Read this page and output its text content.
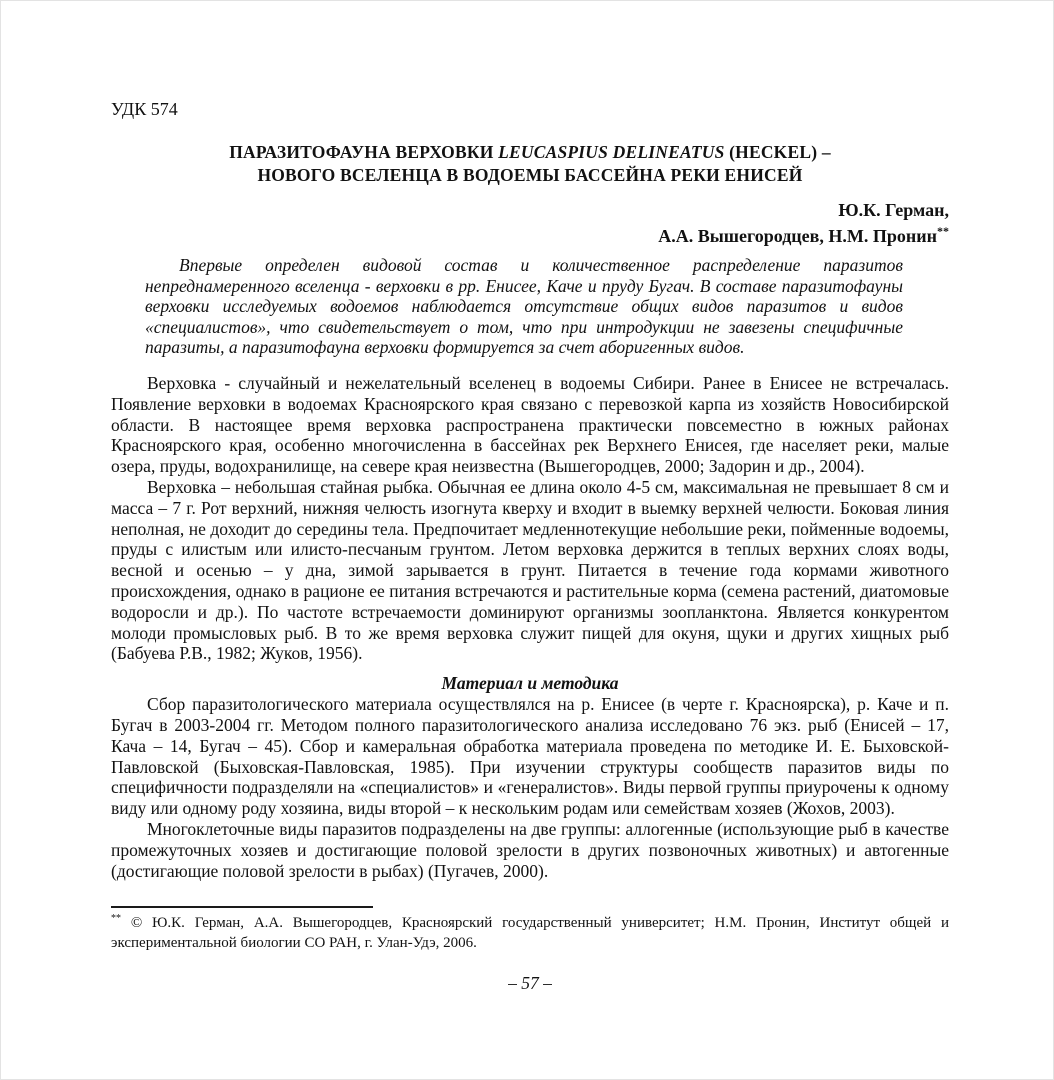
УДК 574
ПАРАЗИТОФАУНА ВЕРХОВКИ LEUCASPIUS DELINEATUS (HECKEL) –
НОВОГО ВСЕЛЕНЦА В ВОДОЕМЫ БАССЕЙНА РЕКИ ЕНИСЕЙ
Ю.К. Герман,
А.А. Вышегородцев, Н.М. Пронин**
Впервые определен видовой состав и количественное распределение паразитов непреднамеренного вселенца - верховки в рр. Енисее, Каче и пруду Бугач. В составе паразитофауны верховки исследуемых водоемов наблюдается отсутствие общих видов паразитов и видов «специалистов», что свидетельствует о том, что при интродукции не завезены специфичные паразиты, а паразитофауна верховки формируется за счет аборигенных видов.

Верховка - случайный и нежелательный вселенец в водоемы Сибири. Ранее в Енисее не встречалась. Появление верховки в водоемах Красноярского края связано с перевозкой карпа из хозяйств Новосибирской области. В настоящее время верховка распространена практически повсеместно в южных районах Красноярского края, особенно многочисленна в бассейнах рек Верхнего Енисея, где населяет реки, малые озера, пруды, водохранилище, на севере края неизвестна (Вышегородцев, 2000; Задорин и др., 2004).

Верховка – небольшая стайная рыбка. Обычная ее длина около 4-5 см, максимальная не превышает 8 см и масса – 7 г. Рот верхний, нижняя челюсть изогнута кверху и входит в выемку верхней челюсти. Боковая линия неполная, не доходит до середины тела. Предпочитает медленнотекущие небольшие реки, пойменные водоемы, пруды с илистым или илисто-песчаным грунтом. Летом верховка держится в теплых верхних слоях воды, весной и осенью – у дна, зимой зарывается в грунт. Питается в течение года кормами животного происхождения, однако в рационе ее питания встречаются и растительные корма (семена растений, диатомовые водоросли и др.). По частоте встречаемости доминируют организмы зоопланктона. Является конкурентом молоди промысловых рыб. В то же время верховка служит пищей для окуня, щуки и других хищных рыб (Бабуева Р.В., 1982; Жуков, 1956).

Материал и методика

Сбор паразитологического материала осуществлялся на р. Енисее (в черте г. Красноярска), р. Каче и п. Бугач в 2003-2004 гг. Методом полного паразитологического анализа исследовано 76 экз. рыб (Енисей – 17, Кача – 14, Бугач – 45). Сбор и камеральная обработка материала проведена по методике И. Е. Быховской-Павловской (Быховская-Павловская, 1985). При изучении структуры сообществ паразитов виды по специфичности подразделяли на «специалистов» и «генералистов». Виды первой группы приурочены к одному виду или одному роду хозяина, виды второй – к нескольким родам или семействам хозяев (Жохов, 2003).

Многоклеточные виды паразитов подразделены на две группы: аллогенные (использующие рыб в качестве промежуточных хозяев и достигающие половой зрелости в других позвоночных животных) и автогенные (достигающие половой зрелости в рыбах) (Пугачев, 2000).

** © Ю.К. Герман, А.А. Вышегородцев, Красноярский государственный университет; Н.М. Пронин, Институт общей и экспериментальной биологии СО РАН, г. Улан-Удэ, 2006.
– 57 –
